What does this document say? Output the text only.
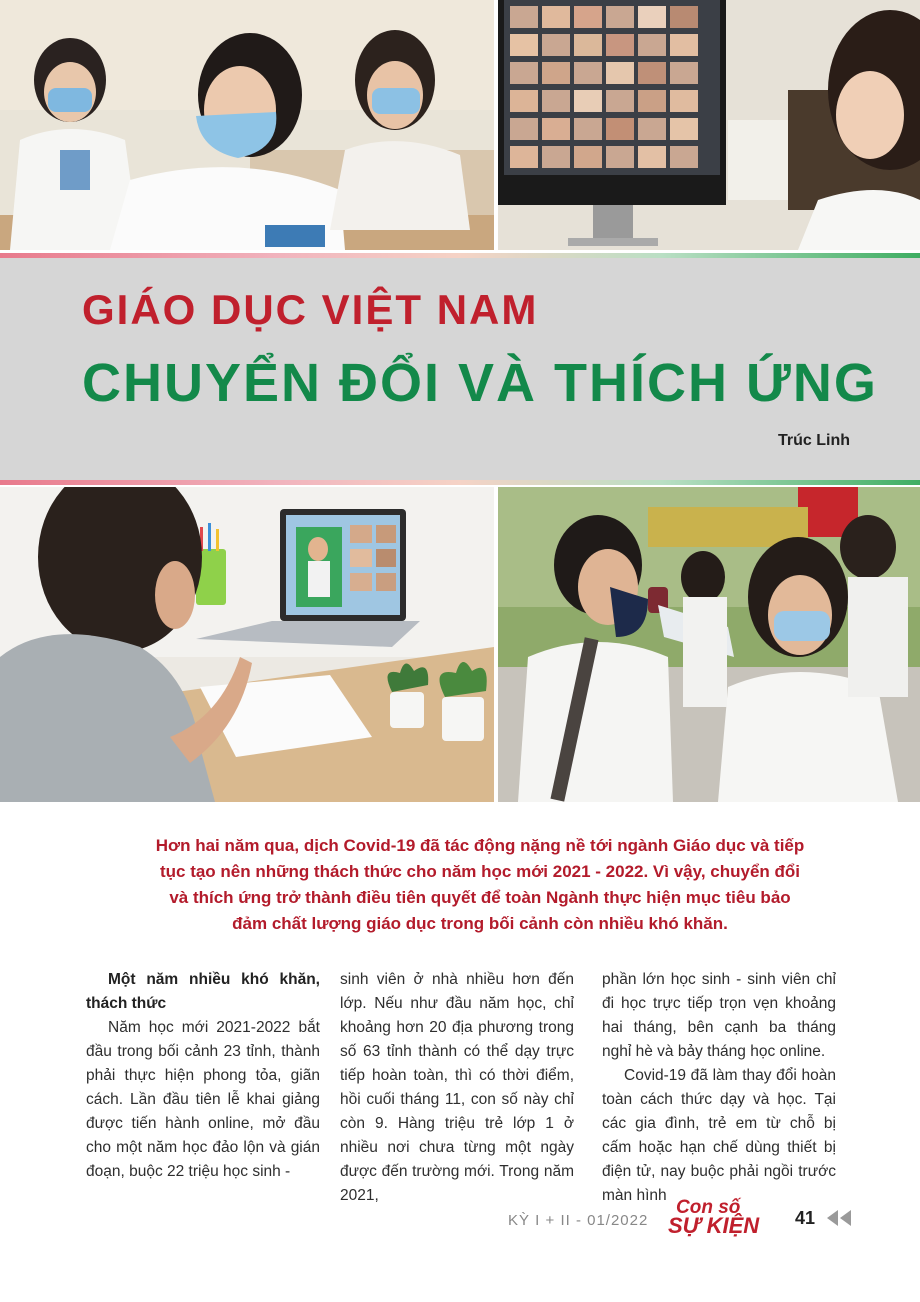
GIÁO DỤC VIỆT NAM
CHUYỂN ĐỔI VÀ THÍCH ỨNG
Trúc Linh
Hơn hai năm qua, dịch Covid-19 đã tác động nặng nề tới ngành Giáo dục và tiếp tục tạo nên những thách thức cho năm học mới 2021 - 2022. Vì vậy, chuyển đổi và thích ứng trở thành điều tiên quyết để toàn Ngành thực hiện mục tiêu bảo đảm chất lượng giáo dục trong bối cảnh còn nhiều khó khăn.

Một năm nhiều khó khăn, thách thức

Năm học mới 2021-2022 bắt đầu trong bối cảnh 23 tỉnh, thành phải thực hiện phong tỏa, giãn cách. Lần đầu tiên lễ khai giảng được tiến hành online, mở đầu cho một năm học đảo lộn và gián đoạn, buộc 22 triệu học sinh -

sinh viên ở nhà nhiều hơn đến lớp. Nếu như đầu năm học, chỉ khoảng hơn 20 địa phương trong số 63 tỉnh thành có thể dạy trực tiếp hoàn toàn, thì có thời điểm, hồi cuối tháng 11, con số này chỉ còn 9. Hàng triệu trẻ lớp 1 ở nhiều nơi chưa từng một ngày được đến trường mới. Trong năm 2021,

phần lớn học sinh - sinh viên chỉ đi học trực tiếp trọn vẹn khoảng hai tháng, bên cạnh ba tháng nghỉ hè và bảy tháng học online.

Covid-19 đã làm thay đổi hoàn toàn cách thức dạy và học. Tại các gia đình, trẻ em từ chỗ bị cấm hoặc hạn chế dùng thiết bị điện tử, nay buộc phải ngồi trước màn hình

KỲ I + II - 01/2022
Con số
SỰ KIỆN 41
